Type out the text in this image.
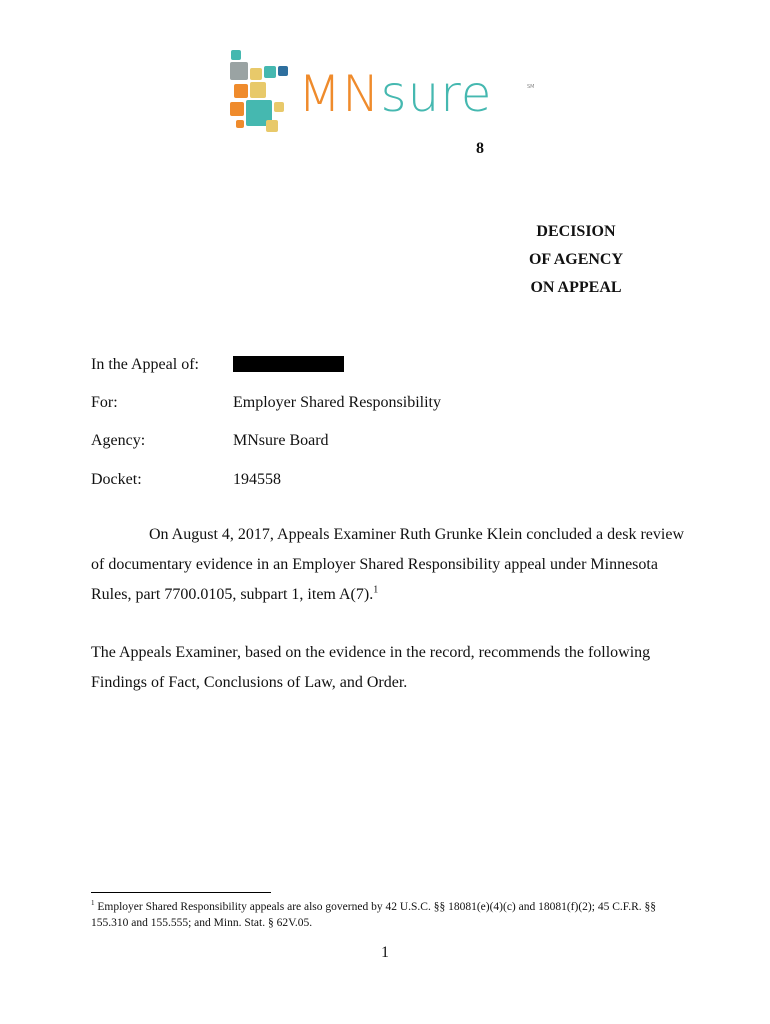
MNsure	SM
8
DECISION
OF AGENCY
ON APPEAL
In the Appeal of:
For:	Employer Shared Responsibility
Agency:	MNsure Board
Docket:	194558
On August 4, 2017, Appeals Examiner Ruth Grunke Klein concluded a desk review of documentary evidence in an Employer Shared Responsibility appeal under Minnesota Rules, part 7700.0105, subpart 1, item A(7).$^1$
The Appeals Examiner, based on the evidence in the record, recommends the following Findings of Fact, Conclusions of Law, and Order.
$^1$ Employer Shared Responsibility appeals are also governed by 42 U.S.C. §§ 18081(e)(4)(c) and 18081(f)(2); 45 C.F.R. §§ 155.310 and 155.555; and Minn. Stat. § 62V.05.
1
